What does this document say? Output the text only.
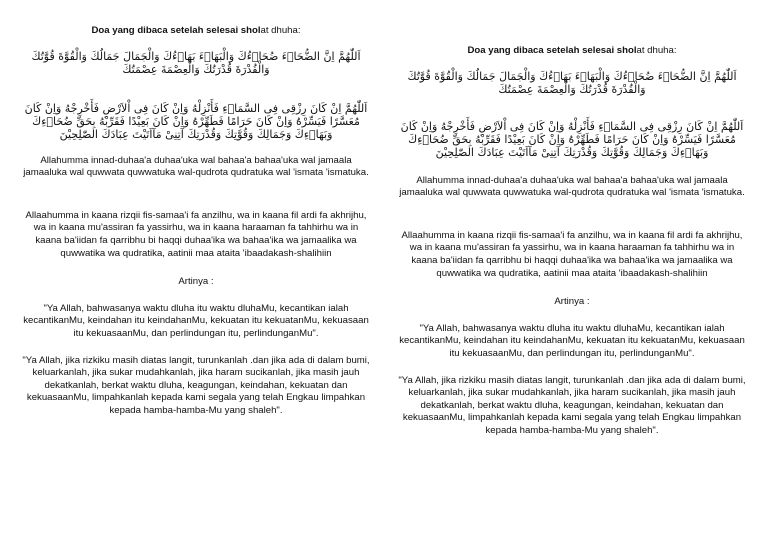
Doa yang dibaca setelah selesai sholat dhuha:

اَللّٰهُمَّ اِنَّ الضُّحَاۤءَ ضُحَاۤءُكَ وَالْبَهَاۤءَ بَهَاۤءُكَ وَالْجَمَالَ جَمَالُكَ وَالْقُوَّةَ قُوَّتُكَ وَالْقُدْرَةَ قُدْرَتُكَ وَالْعِصْمَةَ عِصْمَتُكَ

اَللّٰهُمَّ اِنْ كَانَ رِزْقِى فِى السَّمَاۤءِ فَأَنْزِلْهُ وَاِنْ كَانَ فِى اْلاَرْضِ فَأَخْرِجْهُ وَاِنْ كَانَ مُعَسَّرًا فَيَسِّرْهُ وَاِنْ كَانَ حَرَامًا فَطَهِّرْهُ وَاِنْ كَانَ بَعِيْدًا فَقَرِّبْهُ بِحَقِّ ضُحَاۤءِكَ وَبَهَاۤءِكَ وَجَمَالِكَ وَقُوَّتِكَ وَقُدْرَتِكَ آتِنِىْ مَآاَتَيْتَ عِبَادَكَ الصّٰلِحِيْنَ

Allahumma innad-duhaa'a duhaa'uka wal bahaa'a bahaa'uka wal jamaala jamaaluka wal quwwata quwwatuka wal-qudrota qudratuka wal 'ismata 'ismatuka.

Allaahumma in kaana rizqii fis-samaa'i fa anzilhu, wa in kaana fil ardi fa akhrijhu, wa in kaana mu'assiran fa yassirhu, wa in kaana haraaman fa tahhirhu wa in kaana ba'iidan fa qarribhu bi haqqi duhaa'ika wa bahaa'ika wa jamaalika wa quwwatika wa qudratika, aatinii maa ataita 'ibaadakash-shalihiin

Artinya :

"Ya Allah, bahwasanya waktu dluha itu waktu dluhaMu, kecantikan ialah kecantikanMu, keindahan itu keindahanMu, kekuatan itu kekuatanMu, kekuasaan itu kekuasaanMu, dan perlindungan itu, perlindunganMu".

"Ya Allah, jika rizkiku masih diatas langit, turunkanlah .dan jika ada di dalam bumi, keluarkanlah, jika sukar mudahkanlah, jika haram sucikanlah, jika masih jauh dekatkanlah, berkat waktu dluha, keagungan, keindahan, kekuatan dan kekuasaanMu, limpahkanlah kepada kami segala yang telah Engkau limpahkan
kepada hamba-hamba-Mu yang shaleh".

Doa yang dibaca setelah selesai sholat dhuha:

اَللّٰهُمَّ اِنَّ الضُّحَاۤءَ ضُحَاۤءُكَ وَالْبَهَاۤءَ بَهَاۤءُكَ وَالْجَمَالَ جَمَالُكَ وَالْقُوَّةَ قُوَّتُكَ وَالْقُدْرَةَ قُدْرَتُكَ وَالْعِصْمَةَ عِصْمَتُكَ

اَللّٰهُمَّ اِنْ كَانَ رِزْقِى فِى السَّمَاۤءِ فَأَنْزِلْهُ وَاِنْ كَانَ فِى اْلاَرْضِ فَأَخْرِجْهُ وَاِنْ كَانَ مُعَسَّرًا فَيَسِّرْهُ وَاِنْ كَانَ حَرَامًا فَطَهِّرْهُ وَاِنْ كَانَ بَعِيْدًا فَقَرِّبْهُ بِحَقِّ ضُحَاۤءِكَ وَبَهَاۤءِكَ وَجَمَالِكَ وَقُوَّتِكَ وَقُدْرَتِكَ آتِنِىْ مَآاَتَيْتَ عِبَادَكَ الصّٰلِحِيْنَ

Allahumma innad-duhaa'a duhaa'uka wal bahaa'a bahaa'uka wal jamaala jamaaluka wal quwwata quwwatuka wal-qudrota qudratuka wal 'ismata 'ismatuka.

Allaahumma in kaana rizqii fis-samaa'i fa anzilhu, wa in kaana fil ardi fa akhrijhu, wa in kaana mu'assiran fa yassirhu, wa in kaana haraaman fa tahhirhu wa in kaana ba'iidan fa qarribhu bi haqqi duhaa'ika wa bahaa'ika wa jamaalika wa quwwatika wa qudratika, aatinii maa ataita 'ibaadakash-shalihiin

Artinya :

"Ya Allah, bahwasanya waktu dluha itu waktu dluhaMu, kecantikan ialah kecantikanMu, keindahan itu keindahanMu, kekuatan itu kekuatanMu, kekuasaan itu kekuasaanMu, dan perlindungan itu, perlindunganMu".

"Ya Allah, jika rizkiku masih diatas langit, turunkanlah .dan jika ada di dalam bumi, keluarkanlah, jika sukar mudahkanlah, jika haram sucikanlah, jika masih jauh dekatkanlah, berkat waktu dluha, keagungan, keindahan, kekuatan dan kekuasaanMu, limpahkanlah kepada kami segala yang telah Engkau limpahkan
kepada hamba-hamba-Mu yang shaleh".
